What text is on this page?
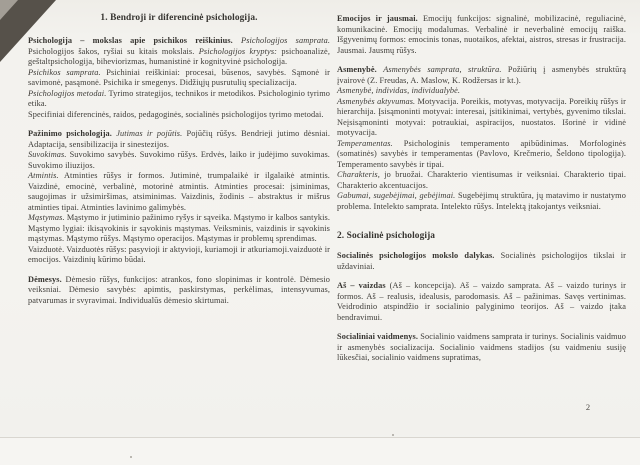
1. Bendroji ir diferencinė psichologija.

Psichologija – mokslas apie psichikos reiškinius. Psichologijos samprata. Psichologijos šakos, ryšiai su kitais mokslais. Psichologijos kryptys: psichoanalizė, geštaltpsichologija, biheviorizmas, humanistinė ir kognityvinė psichologija.

Psichikos samprata. Psichiniai reiškiniai: procesai, būsenos, savybės. Sąmonė ir savimonė, pasąmonė. Psichika ir smegenys. Didžiųjų pusrutulių specializacija.

Psichologijos metodai. Tyrimo strategijos, technikos ir metodikos. Psichologinio tyrimo etika.

Specifiniai diferencinės, raidos, pedagoginės, socialinės psichologijos tyrimo metodai.

Pažinimo psichologija. Jutimas ir pojūtis. Pojūčių rūšys. Bendrieji jutimo dėsniai. Adaptacija, sensibilizacija ir sinestezijos.

Suvokimas. Suvokimo savybės. Suvokimo rūšys. Erdvės, laiko ir judėjimo suvokimas. Suvokimo iliuzijos.

Atmintis. Atminties rūšys ir formos. Jutiminė, trumpalaikė ir ilgalaikė atmintis. Vaizdinė, emocinė, verbalinė, motorinė atmintis. Atminties procesai: įsiminimas, saugojimas ir užsimiršimas, atsiminimas. Vaizdinis, žodinis – abstraktus ir mišrus atminties tipai. Atminties lavinimo galimybės.

Mąstymas. Mąstymo ir jutiminio pažinimo ryšys ir sąveika. Mąstymo ir kalbos santykis. Mąstymo lygiai: ikisąvokinis ir sąvokinis mąstymas. Veiksminis, vaizdinis ir sąvokinis mąstymas. Mąstymo rūšys. Mąstymo operacijos. Mąstymas ir problemų sprendimas.

Vaizduotė. Vaizduotės rūšys: pasyvioji ir aktyvioji, kuriamoji ir atkuriamoji.vaizduotė ir emocijos. Vaizdinių kūrimo būdai.

Dėmesys. Dėmesio rūšys, funkcijos: atrankos, fono slopinimas ir kontrolė. Dėmesio veiksniai. Dėmesio savybės: apimtis, paskirstymas, perkėlimas, intensyvumas, patvarumas ir svyravimai. Individualūs dėmesio skirtumai.

Emocijos ir jausmai. Emocijų funkcijos: signalinė, mobilizacinė, reguliacinė, komunikacinė. Emocijų modalumas. Verbalinė ir neverbalinė emocijų raiška. Išgyvenimų formos: emocinis tonas, nuotaikos, afektai, aistros, stresas ir frustracija. Jausmai. Jausmų rūšys.

Asmenybė. Asmenybės samprata, struktūra. Požiūrių į asmenybės struktūrą įvairovė (Z. Freudas, A. Maslow, K. Rodžersas ir kt.).

Asmenybė, individas, individualybė.

Asmenybės aktyvumas. Motyvacija. Poreikis, motyvas, motyvacija. Poreikių rūšys ir hierarchija. Įsisąmoninti motyvai: interesai, įsitikinimai, vertybės, gyvenimo tikslai. Neįsisąmoninti motyvai: potraukiai, aspiracijos, nuostatos. Išorinė ir vidinė motyvacija.

Temperamentas. Psichologinis temperamento apibūdinimas. Morfologinės (somatinės) savybės ir temperamentas (Pavlovo, Krečmerio, Šeldono tipologija). Temperamento savybės ir tipai.

Charakteris, jo bruožai. Charakterio vientisumas ir veiksniai. Charakterio tipai. Charakterio akcentuacijos.

Gabumai, sugebėjimai, gebėjimai. Sugebėjimų struktūra, jų matavimo ir nustatymo problema. Intelekto samprata. Intelekto rūšys. Intelektą įtakojantys veiksniai.

2. Socialinė psichologija

Socialinės psichologijos mokslo dalykas. Socialinės psichologijos tikslai ir uždaviniai.

Aš – vaizdas (Aš – koncepcija). Aš – vaizdo samprata. Aš – vaizdo turinys ir formos. Aš – realusis, idealusis, parodomasis. Aš – pažinimas. Savęs vertinimas. Veidrodinio atspindžio ir socialinio palyginimo teorijos. Aš – vaizdo įtaka bendravimui.

Socialiniai vaidmenys. Socialinio vaidmens samprata ir turinys. Socialinis vaidmuo ir asmenybės socializacija. Socialinio vaidmens stadijos (su vaidmeniu susiję lūkesčiai, socialinio vaidmens supratimas,

2
